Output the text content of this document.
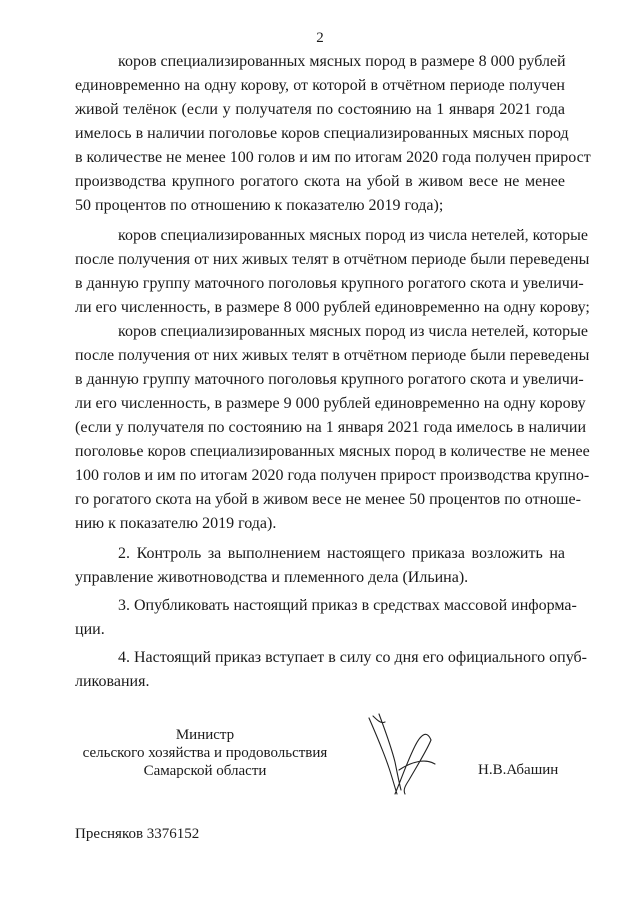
2
коров специализированных мясных пород в размере 8 000 рублей
единовременно на одну корову, от которой в отчётном периоде получен
живой телёнок (если у получателя по состоянию на 1 января 2021 года
имелось в наличии поголовье коров специализированных мясных пород
в количестве не менее 100 голов и им по итогам 2020 года получен прирост
производства крупного рогатого скота на убой в живом весе не менее
50 процентов по отношению к показателю 2019 года);
коров специализированных мясных пород из числа нетелей, которые
после получения от них живых телят в отчётном периоде были переведены
в данную группу маточного поголовья крупного рогатого скота и увеличи-
ли его численность, в размере 8 000 рублей единовременно на одну корову;
коров специализированных мясных пород из числа нетелей, которые
после получения от них живых телят в отчётном периоде были переведены
в данную группу маточного поголовья крупного рогатого скота и увеличи-
ли его численность, в размере 9 000 рублей единовременно на одну корову
(если у получателя по состоянию на 1 января 2021 года имелось в наличии
поголовье коров специализированных мясных пород в количестве не менее
100 голов и им по итогам 2020 года получен прирост производства крупно-
го рогатого скота на убой в живом весе не менее 50 процентов по отноше-
нию к показателю 2019 года).
2. Контроль за выполнением настоящего приказа возложить на
управление животноводства и племенного дела (Ильина).
3. Опубликовать настоящий приказ в средствах массовой информа-
ции.
4. Настоящий приказ вступает в силу со дня его официального опуб-
ликования.
Министр
сельского хозяйства и продовольствия
Самарской области	Н.В.Абашин
Пресняков 3376152
